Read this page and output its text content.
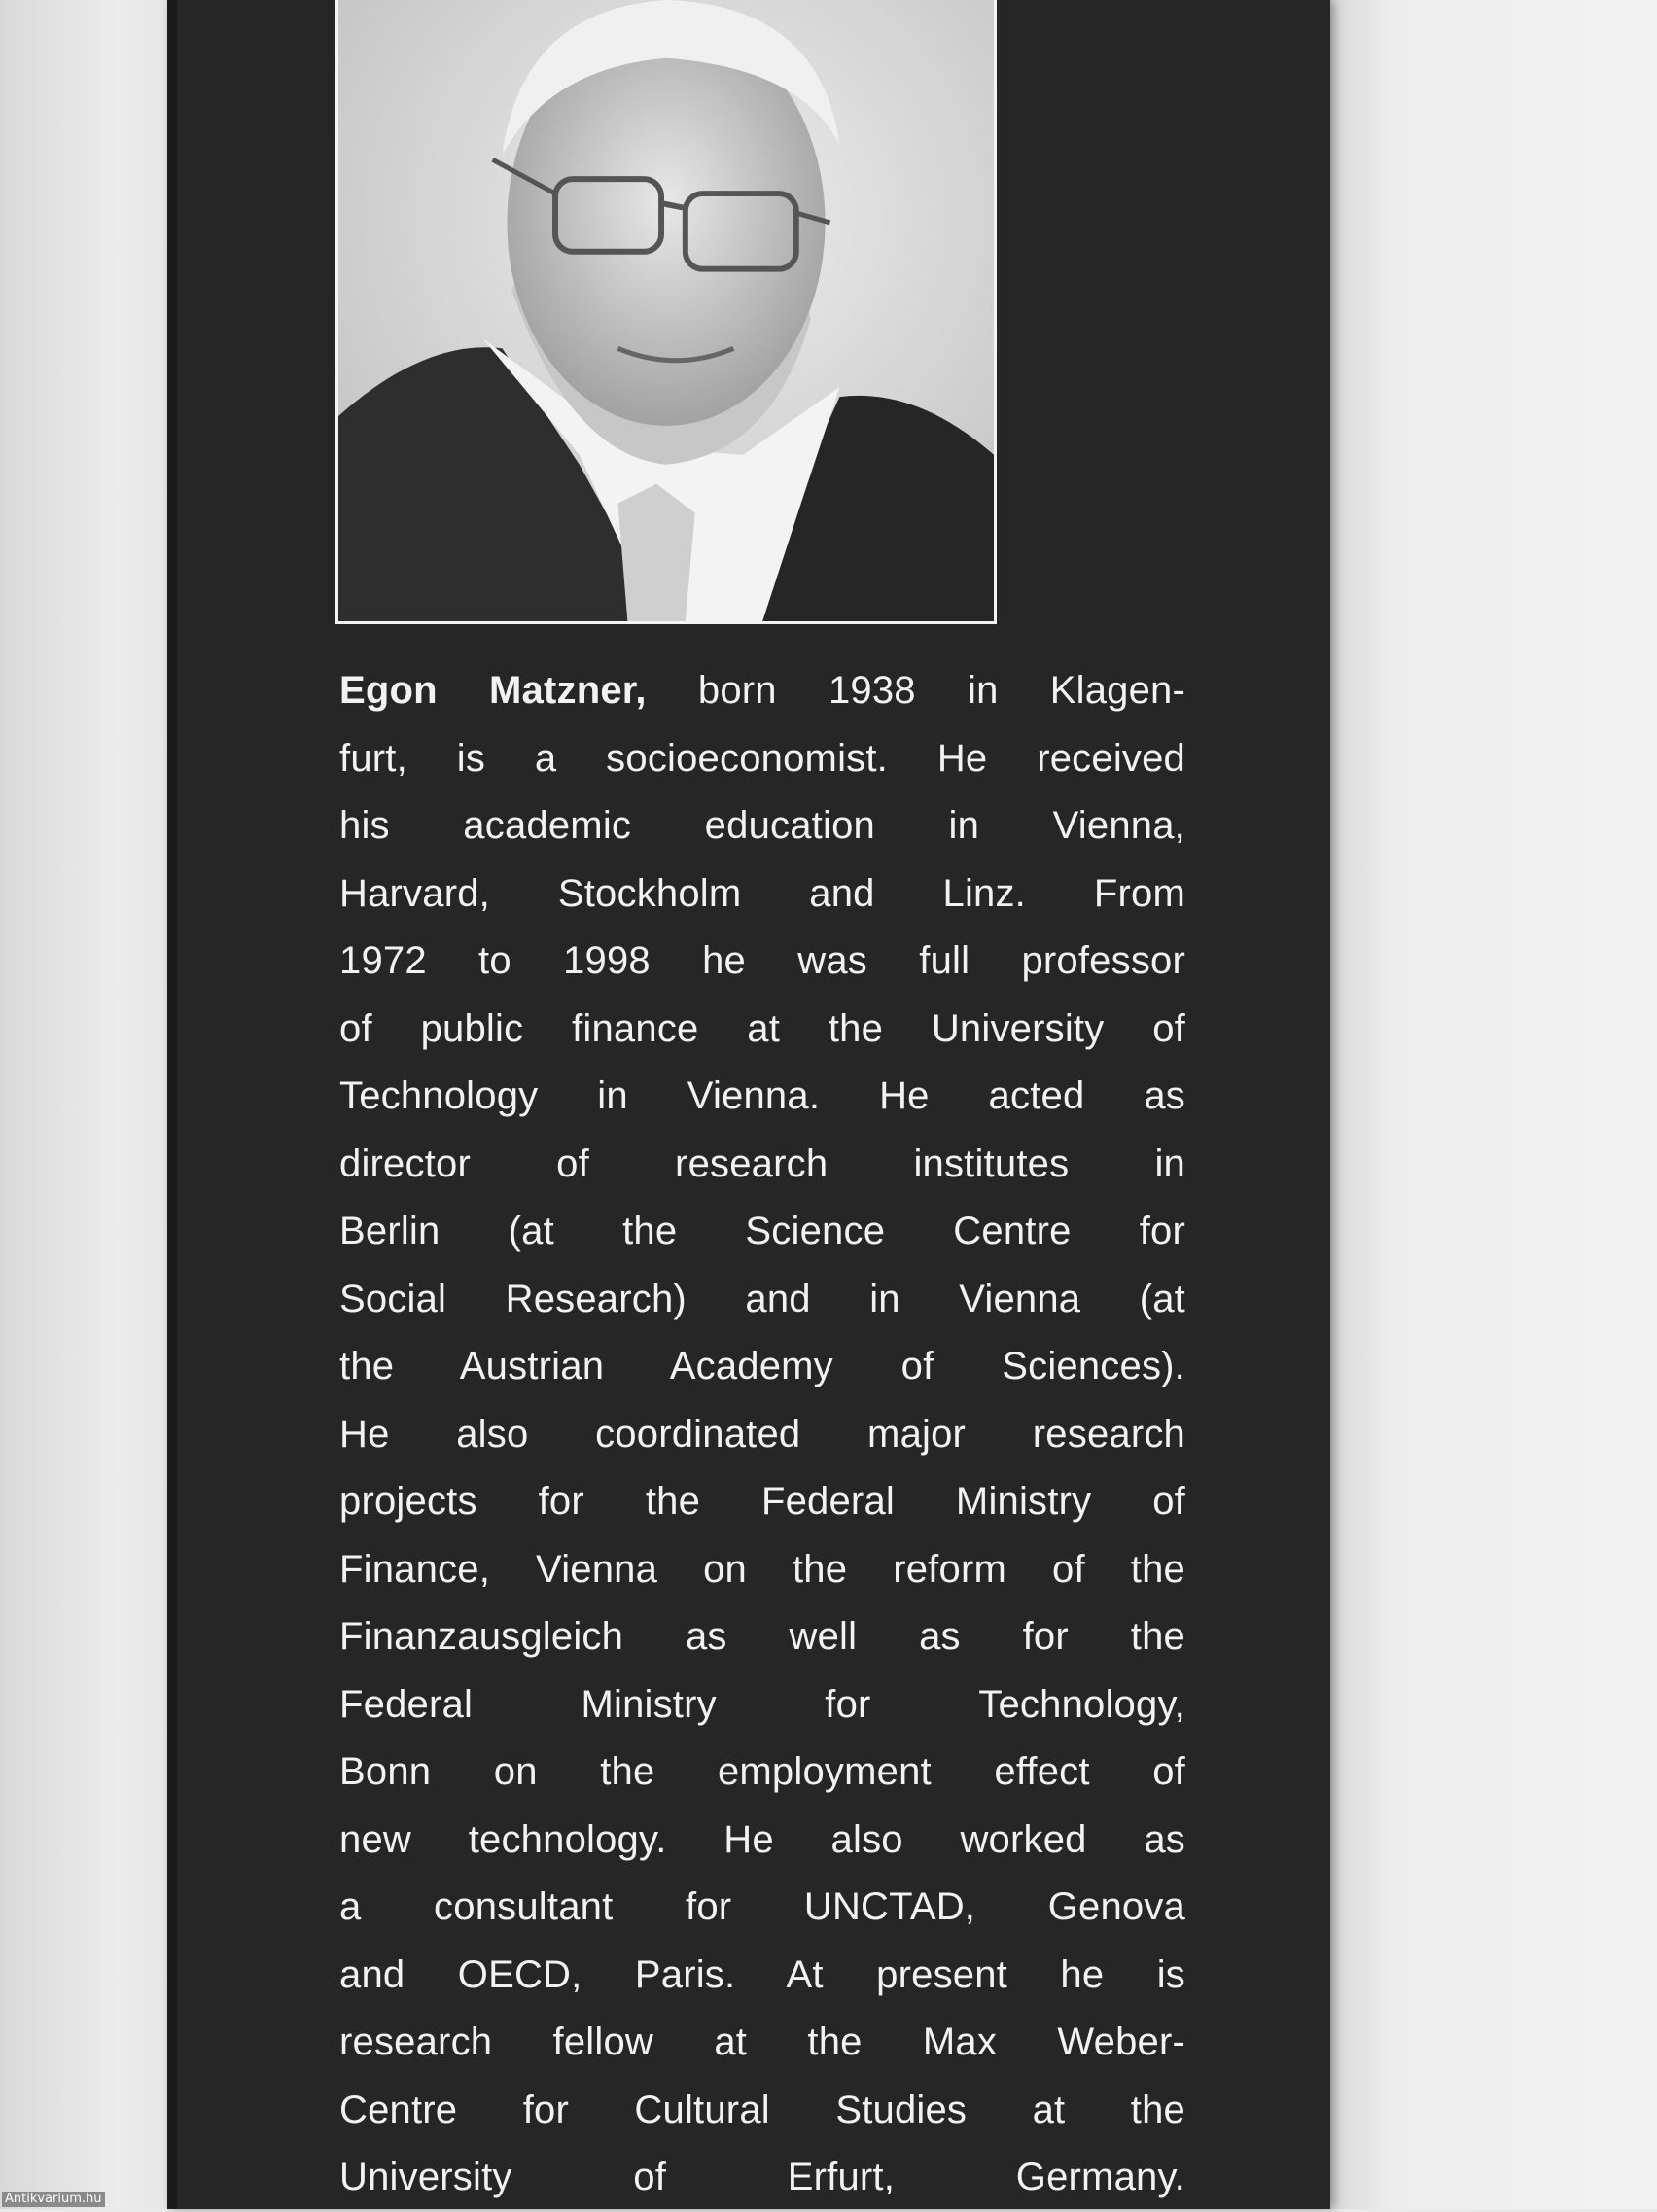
Egon Matzner, born 1938 in Klagen-
furt, is a socioeconomist. He received
his academic education in Vienna,
Harvard, Stockholm and Linz. From
1972 to 1998 he was full professor
of public finance at the University of
Technology in Vienna. He acted as
director of research institutes in
Berlin (at the Science Centre for
Social Research) and in Vienna (at
the Austrian Academy of Sciences).
He also coordinated major research
projects for the Federal Ministry of
Finance, Vienna on the reform of the
Finanzausgleich as well as for the
Federal Ministry for Technology,
Bonn on the employment effect of
new technology. He also worked as
a consultant for UNCTAD, Genova
and OECD, Paris. At present he is
research fellow at the Max Weber-
Centre for Cultural Studies at the
University of Erfurt, Germany.
Antikvarium.hu
